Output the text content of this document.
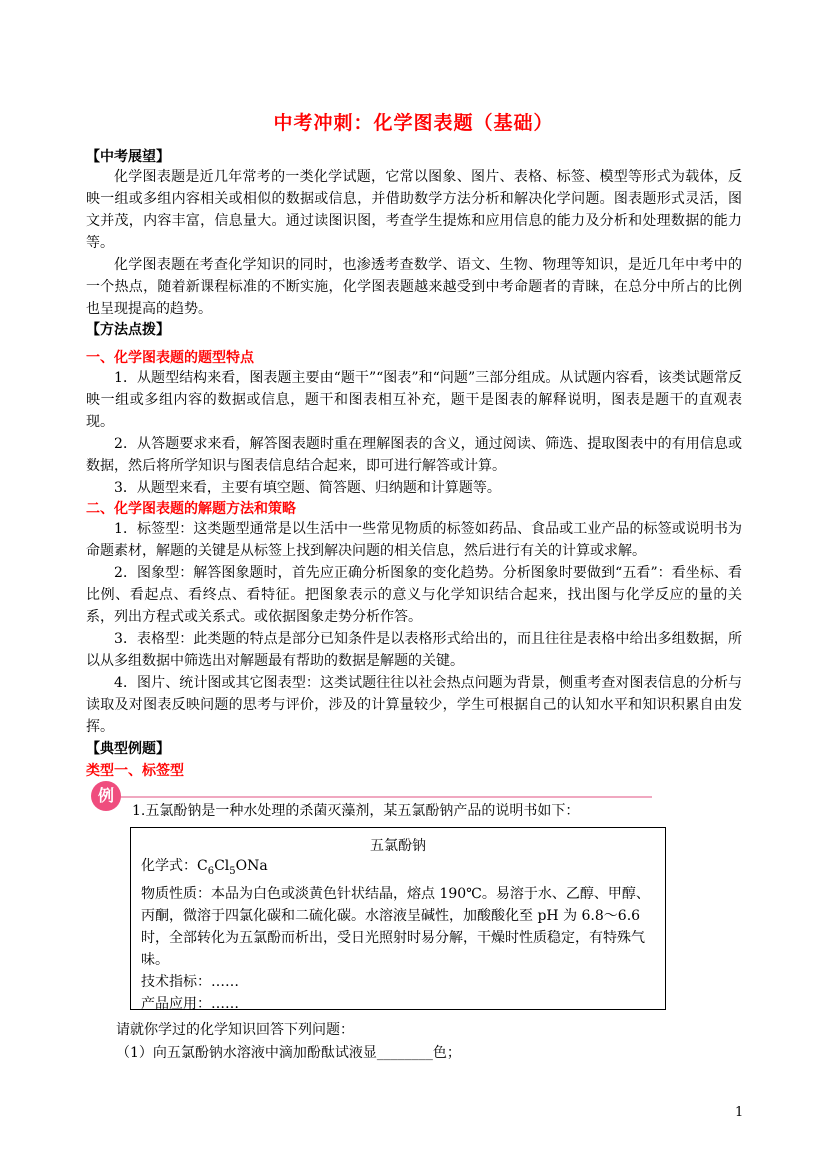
中考冲刺：化学图表题（基础）
【中考展望】

化学图表题是近几年常考的一类化学试题，它常以图象、图片、表格、标签、模型等形式为载体，反映一组或多组内容相关或相似的数据或信息，并借助数学方法分析和解决化学问题。图表题形式灵活，图文并茂，内容丰富，信息量大。通过读图识图，考查学生提炼和应用信息的能力及分析和处理数据的能力等。

化学图表题在考查化学知识的同时，也渗透考查数学、语文、生物、物理等知识，是近几年中考中的一个热点，随着新课程标准的不断实施，化学图表题越来越受到中考命题者的青睐，在总分中所占的比例也呈现提高的趋势。

【方法点拨】
一、化学图表题的题型特点

1．从题型结构来看，图表题主要由“题干”“图表”和“问题”三部分组成。从试题内容看，该类试题常反映一组或多组内容的数据或信息，题干和图表相互补充，题干是图表的解释说明，图表是题干的直观表现。

2．从答题要求来看，解答图表题时重在理解图表的含义，通过阅读、筛选、提取图表中的有用信息或数据，然后将所学知识与图表信息结合起来，即可进行解答或计算。

3．从题型来看，主要有填空题、简答题、归纳题和计算题等。

二、化学图表题的解题方法和策略

1．标签型：这类题型通常是以生活中一些常见物质的标签如药品、食品或工业产品的标签或说明书为命题素材，解题的关键是从标签上找到解决问题的相关信息，然后进行有关的计算或求解。

2．图象型：解答图象题时，首先应正确分析图象的变化趋势。分析图象时要做到“五看”：看坐标、看比例、看起点、看终点、看特征。把图象表示的意义与化学知识结合起来，找出图与化学反应的量的关系，列出方程式或关系式。或依据图象走势分析作答。

3．表格型：此类题的特点是部分已知条件是以表格形式给出的，而且往往是表格中给出多组数据，所以从多组数据中筛选出对解题最有帮助的数据是解题的关键。

4．图片、统计图或其它图表型：这类试题往往以社会热点问题为背景，侧重考查对图表信息的分析与读取及对图表反映问题的思考与评价，涉及的计算量较少，学生可根据自己的认知水平和知识积累自由发挥。

【典型例题】
类型一、标签型
例
1.五氯酚钠是一种水处理的杀菌灭藻剂，某五氯酚钠产品的说明书如下：
五氯酚钠

化学式：$C_6Cl_5ONa$

物质性质：本品为白色或淡黄色针状结晶，熔点 190℃。易溶于水、乙醇、甲醇、丙酮，微溶于四氯化碳和二硫化碳。水溶液呈碱性，加酸酸化至 pH 为 6.8～6.6 时，全部转化为五氯酚而析出，受日光照射时易分解，干燥时性质稳定，有特殊气味。

技术指标：……

产品应用：……

请就你学过的化学知识回答下列问题：
（1）向五氯酚钠水溶液中滴加酚酞试液显________色；
1
